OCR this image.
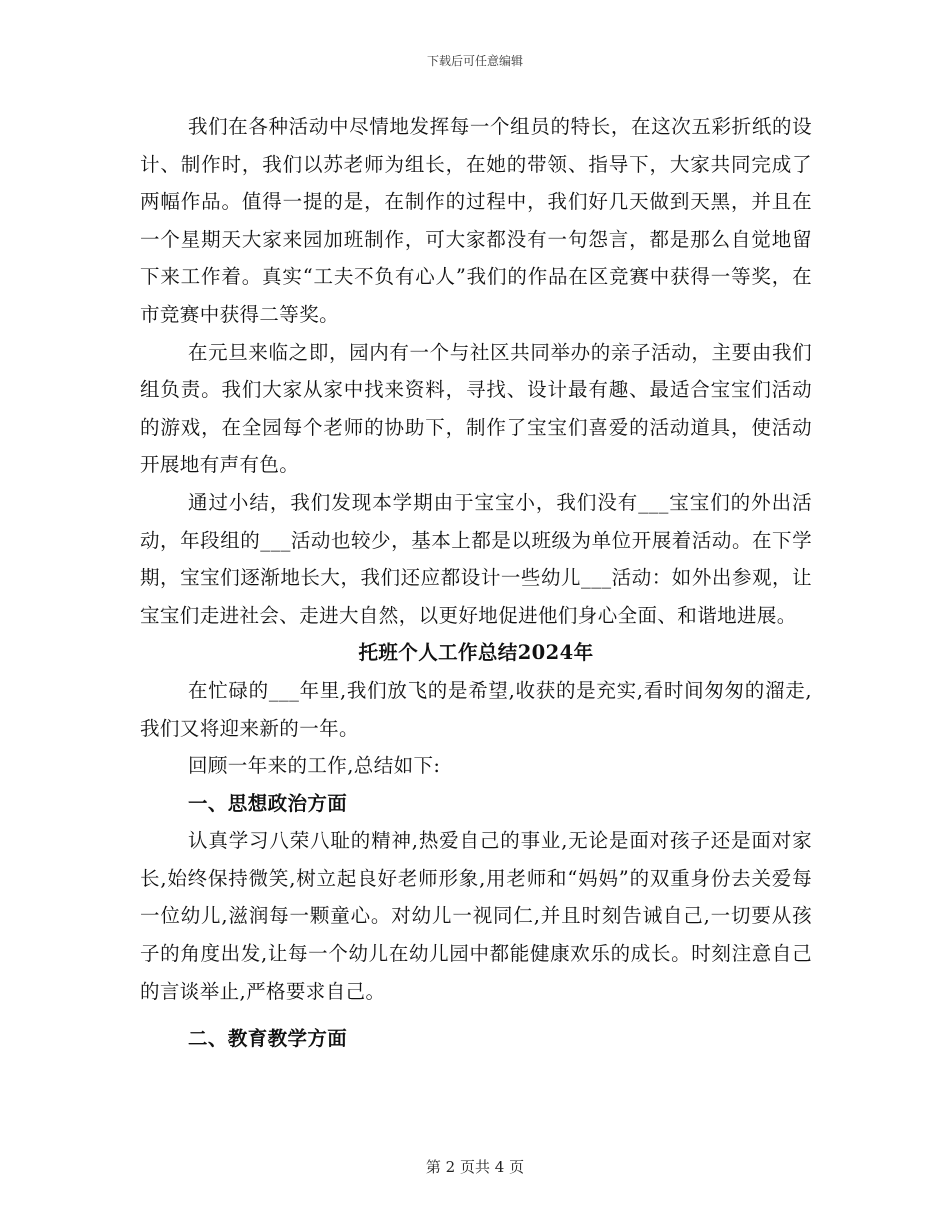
下载后可任意编辑

我们在各种活动中尽情地发挥每一个组员的特长，在这次五彩折纸的设计、制作时，我们以苏老师为组长，在她的带领、指导下，大家共同完成了两幅作品。值得一提的是，在制作的过程中，我们好几天做到天黑，并且在一个星期天大家来园加班制作，可大家都没有一句怨言，都是那么自觉地留下来工作着。真实“工夫不负有心人”我们的作品在区竞赛中获得一等奖，在市竞赛中获得二等奖。

在元旦来临之即，园内有一个与社区共同举办的亲子活动，主要由我们组负责。我们大家从家中找来资料，寻找、设计最有趣、最适合宝宝们活动的游戏，在全园每个老师的协助下，制作了宝宝们喜爱的活动道具，使活动开展地有声有色。

通过小结，我们发现本学期由于宝宝小，我们没有___宝宝们的外出活动，年段组的___活动也较少，基本上都是以班级为单位开展着活动。在下学期，宝宝们逐渐地长大，我们还应都设计一些幼儿___活动：如外出参观，让宝宝们走进社会、走进大自然，以更好地促进他们身心全面、和谐地进展。

托班个人工作总结2024年

在忙碌的___年里,我们放飞的是希望,收获的是充实,看时间匆匆的溜走,我们又将迎来新的一年。

回顾一年来的工作,总结如下:

一、思想政治方面

认真学习八荣八耻的精神,热爱自己的事业,无论是面对孩子还是面对家长,始终保持微笑,树立起良好老师形象,用老师和“妈妈”的双重身份去关爱每一位幼儿,滋润每一颗童心。对幼儿一视同仁,并且时刻告诫自己,一切要从孩子的角度出发,让每一个幼儿在幼儿园中都能健康欢乐的成长。时刻注意自己的言谈举止,严格要求自己。

二、教育教学方面
第 2 页共 4 页
